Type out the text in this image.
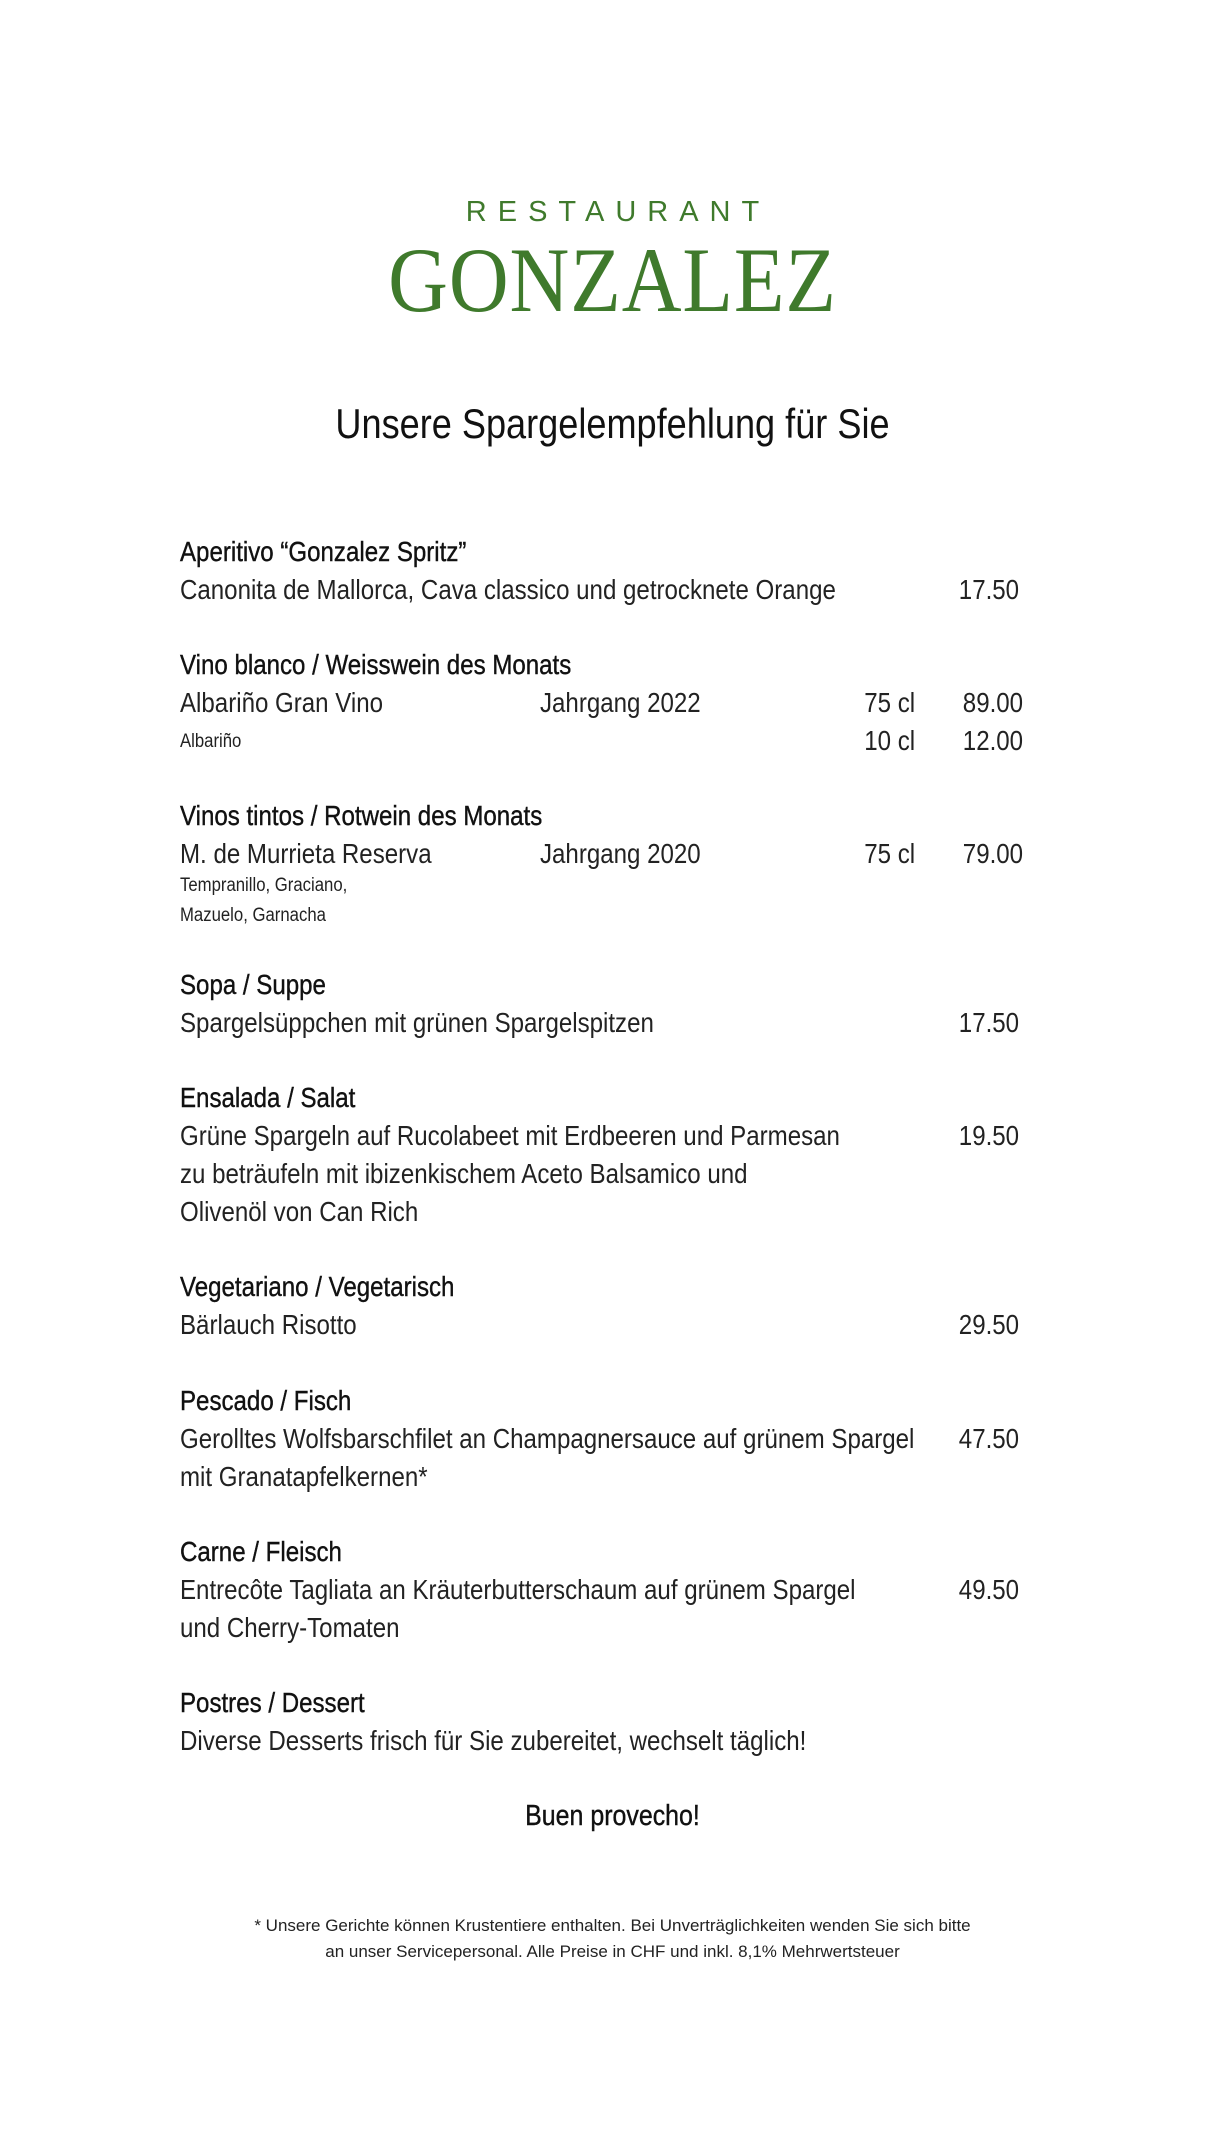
RESTAURANT
GONZALEZ
Unsere Spargelempfehlung für Sie
Aperitivo “Gonzalez Spritz”
Canonita de Mallorca, Cava classico und getrocknete Orange	17.50
Vino blanco / Weisswein des Monats
Albariño Gran Vino	Jahrgang 2022	75 cl 89.00
Albariño	10 cl 12.00
Vinos tintos / Rotwein des Monats
M. de Murrieta Reserva	Jahrgang 2020	75 cl 79.00
Tempranillo, Graciano,
Mazuelo, Garnacha
Sopa / Suppe
Spargelsüppchen mit grünen Spargelspitzen	17.50
Ensalada / Salat
Grüne Spargeln auf Rucolabeet mit Erdbeeren und Parmesan
zu beträufeln mit ibizenkischem Aceto Balsamico und
Olivenöl von Can Rich
19.50
Vegetariano / Vegetarisch
Bärlauch Risotto	29.50
Pescado / Fisch
Gerolltes Wolfsbarschfilet an Champagnersauce auf grünem Spargel
mit Granatapfelkernen*
47.50
Carne / Fleisch
Entrecôte Tagliata an Kräuterbutterschaum auf grünem Spargel
und Cherry-Tomaten
49.50
Postres / Dessert
Diverse Desserts frisch für Sie zubereitet, wechselt täglich!
Buen provecho!
* Unsere Gerichte können Krustentiere enthalten. Bei Unverträglichkeiten wenden Sie sich bitte
an unser Servicepersonal. Alle Preise in CHF und inkl. 8,1% Mehrwertsteuer
